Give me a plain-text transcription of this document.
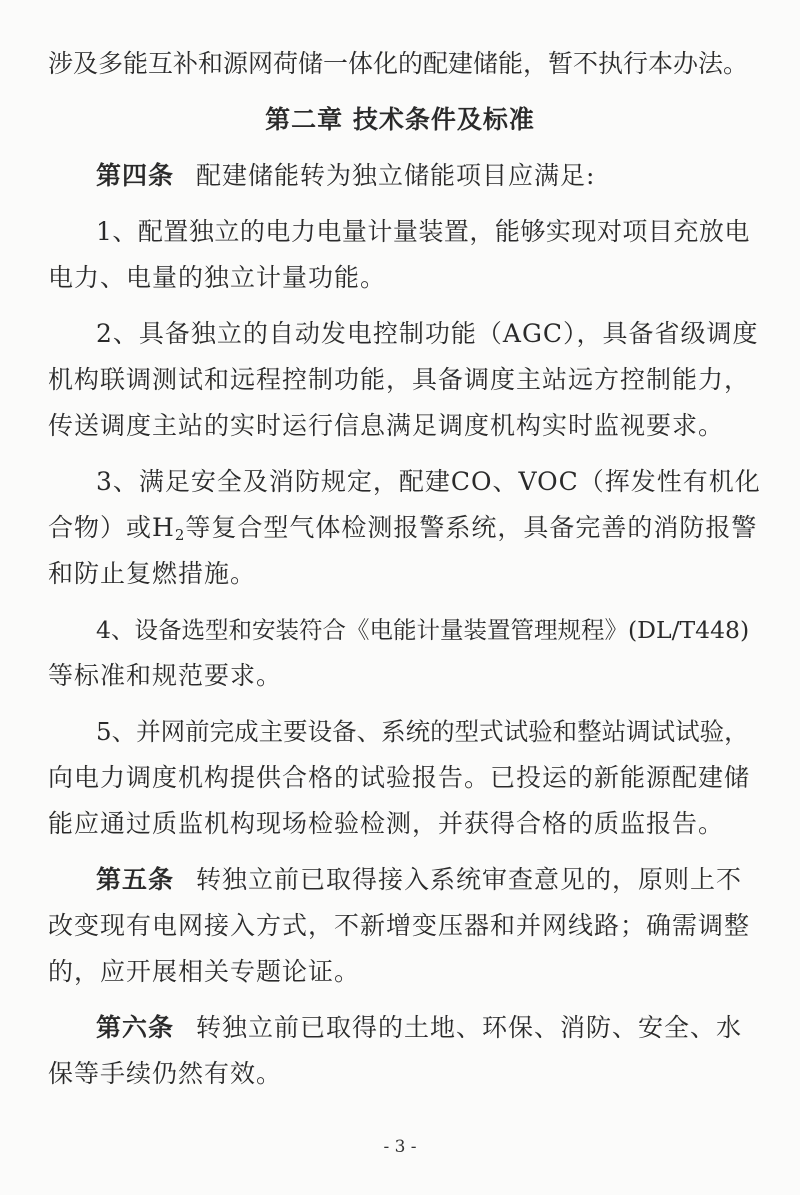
涉及多能互补和源网荷储一体化的配建储能，暂不执行本办法。
第二章 技术条件及标准
第四条 配建储能转为独立储能项目应满足:
1、配置独立的电力电量计量装置，能够实现对项目充放电
电力、电量的独立计量功能。
2、具备独立的自动发电控制功能（AGC），具备省级调度
机构联调测试和远程控制功能，具备调度主站远方控制能力，
传送调度主站的实时运行信息满足调度机构实时监视要求。
3、满足安全及消防规定，配建CO、VOC（挥发性有机化
合物）或$H_2$等复合型气体检测报警系统，具备完善的消防报警
和防止复燃措施。
4、设备选型和安装符合《电能计量装置管理规程》(DL/T448)
等标准和规范要求。
5、并网前完成主要设备、系统的型式试验和整站调试试验，
向电力调度机构提供合格的试验报告。已投运的新能源配建储
能应通过质监机构现场检验检测，并获得合格的质监报告。
第五条 转独立前已取得接入系统审查意见的，原则上不
改变现有电网接入方式，不新增变压器和并网线路；确需调整
的，应开展相关专题论证。
第六条 转独立前已取得的土地、环保、消防、安全、水
保等手续仍然有效。
- 3 -
